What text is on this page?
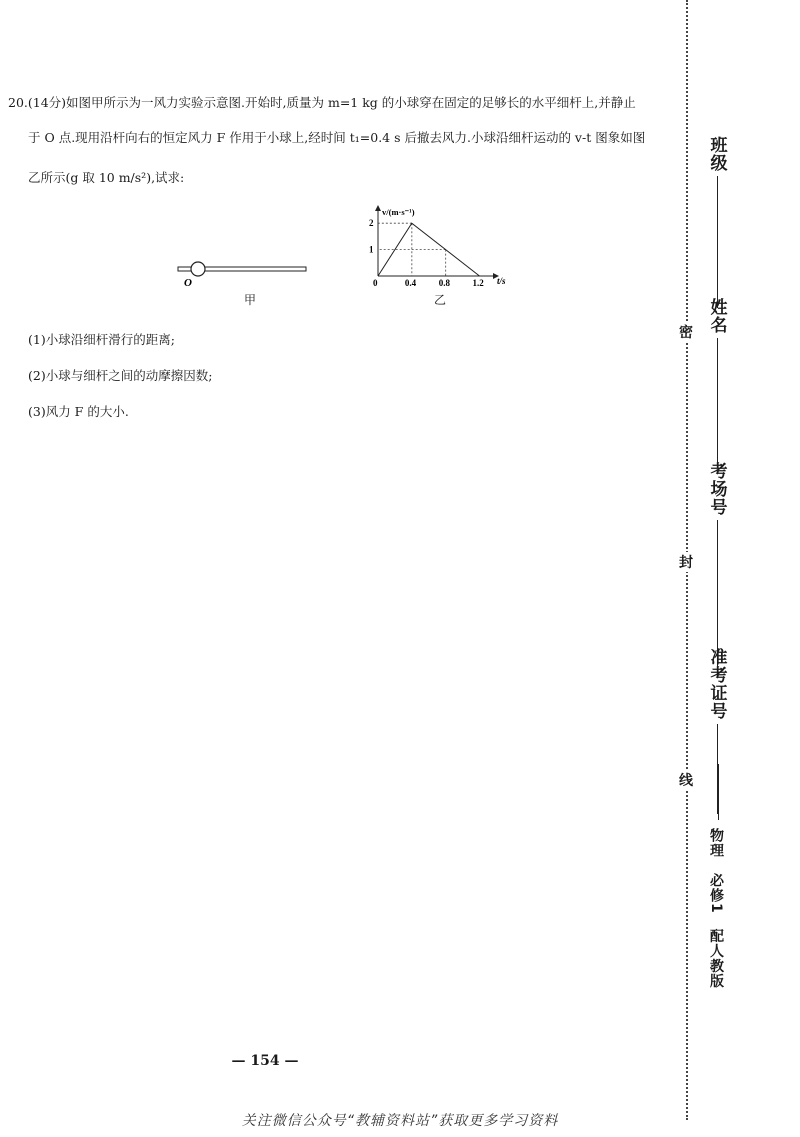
20.(14分)如图甲所示为一风力实验示意图.开始时,质量为 m=1 kg 的小球穿在固定的足够长的水平细杆上,并静止
于 O 点.现用沿杆向右的恒定风力 F 作用于小球上,经时间 t₁=0.4 s 后撤去风力.小球沿细杆运动的 v-t 图象如图
乙所示(g 取 10 m/s²),试求:
O
甲
v/(m·s⁻¹)
t/s
0	0.4	0.8	1.2
1
2
乙
(1)小球沿细杆滑行的距离;
(2)小球与细杆之间的动摩擦因数;
(3)风力 F 的大小.
— 154 —
关注微信公众号“教辅资料站”获取更多学习资料
密
封
线
班级
姓名
考场号
准考证号
物理　必修1　配人教版
